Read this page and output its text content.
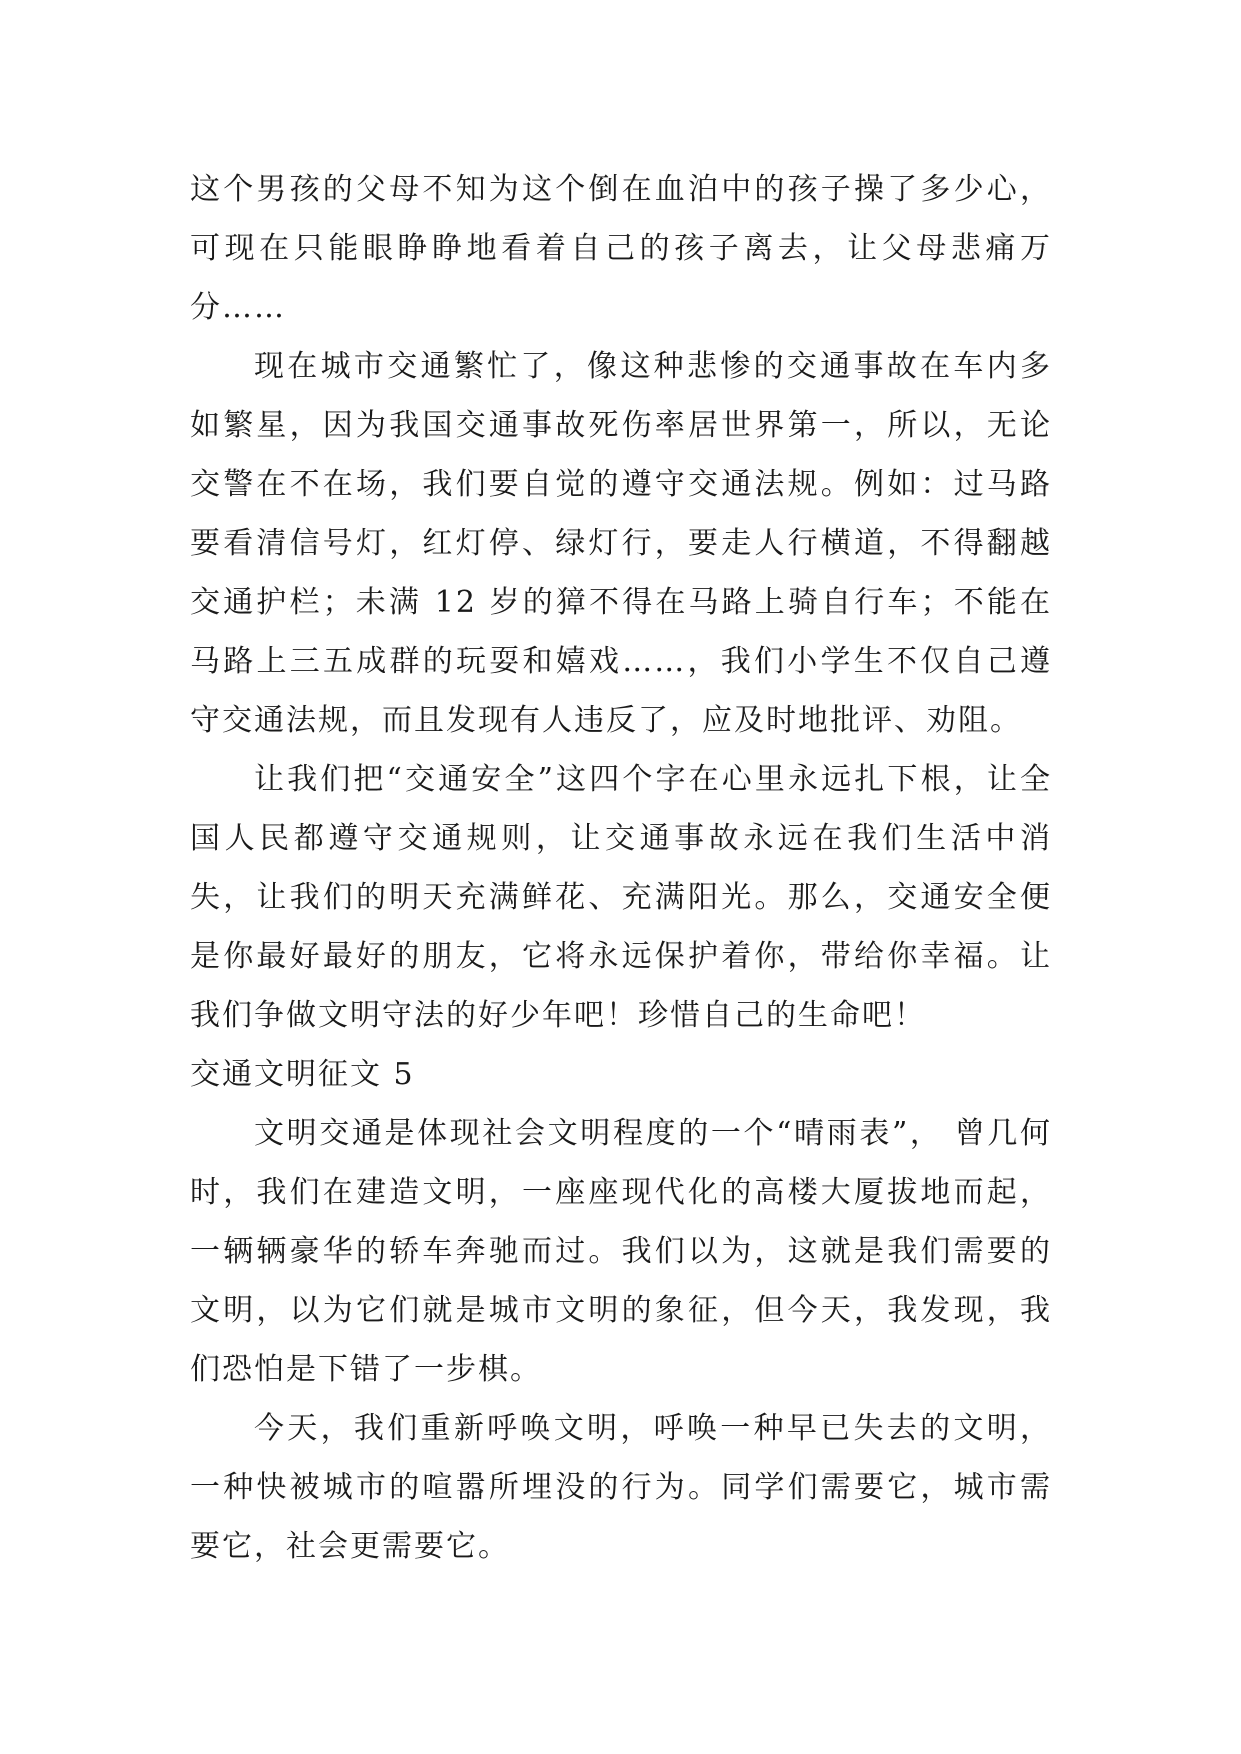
这个男孩的父母不知为这个倒在血泊中的孩子操了多少心，可现在只能眼睁睁地看着自己的孩子离去，让父母悲痛万分……

现在城市交通繁忙了，像这种悲惨的交通事故在车内多如繁星，因为我国交通事故死伤率居世界第一，所以，无论交警在不在场，我们要自觉的遵守交通法规。例如：过马路要看清信号灯，红灯停、绿灯行，要走人行横道，不得翻越交通护栏；未满 12 岁的獐不得在马路上骑自行车；不能在马路上三五成群的玩耍和嬉戏……，我们小学生不仅自己遵守交通法规，而且发现有人违反了，应及时地批评、劝阻。

让我们把“交通安全”这四个字在心里永远扎下根，让全国人民都遵守交通规则，让交通事故永远在我们生活中消失，让我们的明天充满鲜花、充满阳光。那么，交通安全便是你最好最好的朋友，它将永远保护着你，带给你幸福。让我们争做文明守法的好少年吧！珍惜自己的生命吧！

交通文明征文 5

文明交通是体现社会文明程度的一个“晴雨表”， 曾几何时，我们在建造文明，一座座现代化的高楼大厦拔地而起，一辆辆豪华的轿车奔驰而过。我们以为，这就是我们需要的文明，以为它们就是城市文明的象征，但今天，我发现，我们恐怕是下错了一步棋。

今天，我们重新呼唤文明，呼唤一种早已失去的文明，一种快被城市的喧嚣所埋没的行为。同学们需要它，城市需要它，社会更需要它。
